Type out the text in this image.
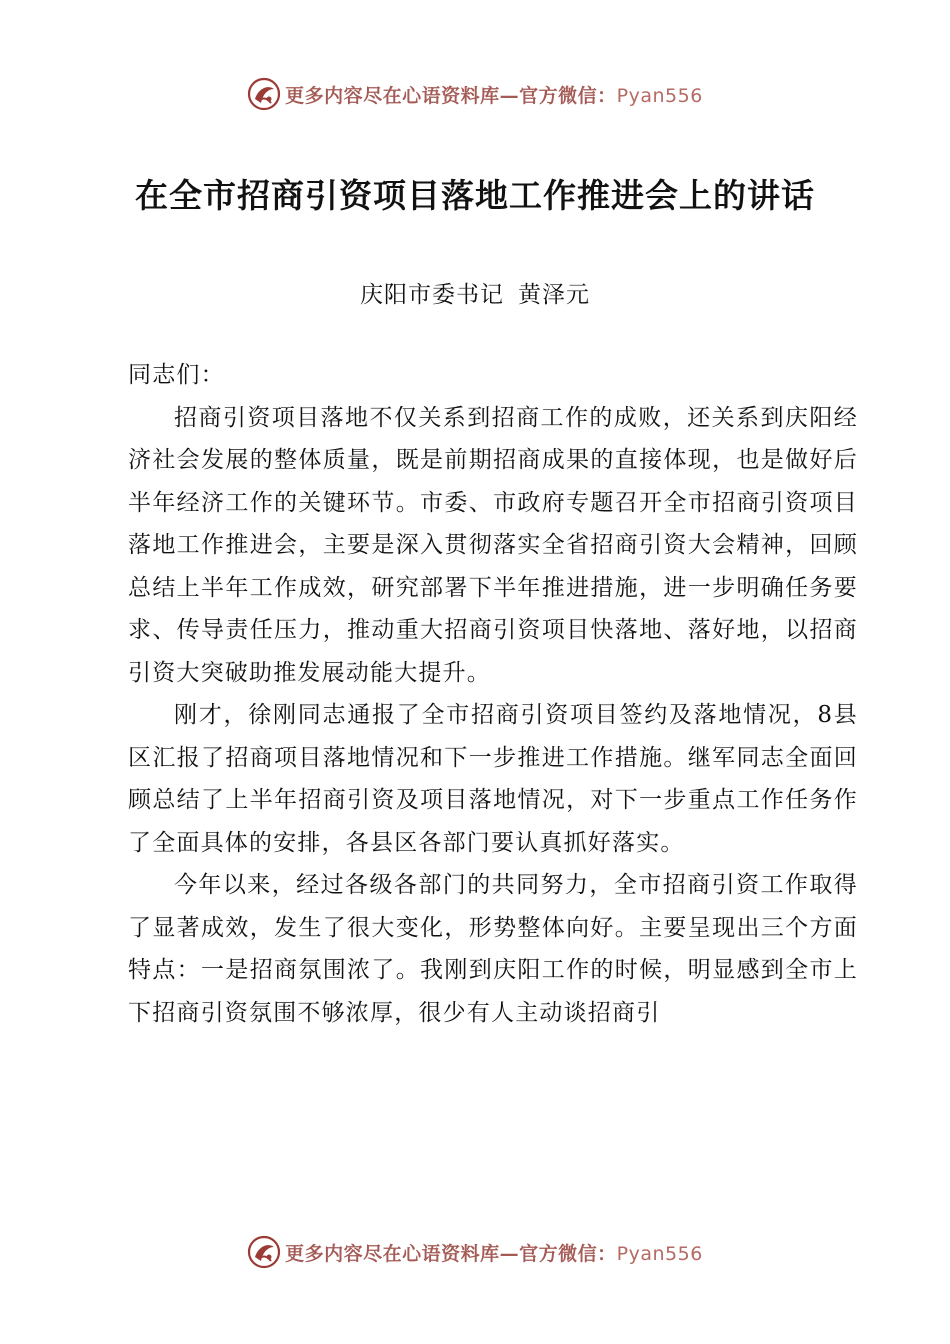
更多内容尽在心语资料库—官方微信：Pyan556
在全市招商引资项目落地工作推进会上的讲话
庆阳市委书记 黄泽元

同志们：

招商引资项目落地不仅关系到招商工作的成败，还关系到庆阳经济社会发展的整体质量，既是前期招商成果的直接体现，也是做好后半年经济工作的关键环节。市委、市政府专题召开全市招商引资项目落地工作推进会，主要是深入贯彻落实全省招商引资大会精神，回顾总结上半年工作成效，研究部署下半年推进措施，进一步明确任务要求、传导责任压力，推动重大招商引资项目快落地、落好地，以招商引资大突破助推发展动能大提升。

刚才，徐刚同志通报了全市招商引资项目签约及落地情况，8县区汇报了招商项目落地情况和下一步推进工作措施。继军同志全面回顾总结了上半年招商引资及项目落地情况，对下一步重点工作任务作了全面具体的安排，各县区各部门要认真抓好落实。

今年以来，经过各级各部门的共同努力，全市招商引资工作取得了显著成效，发生了很大变化，形势整体向好。主要呈现出三个方面特点：一是招商氛围浓了。我刚到庆阳工作的时候，明显感到全市上下招商引资氛围不够浓厚，很少有人主动谈招商引

更多内容尽在心语资料库—官方微信：Pyan556
